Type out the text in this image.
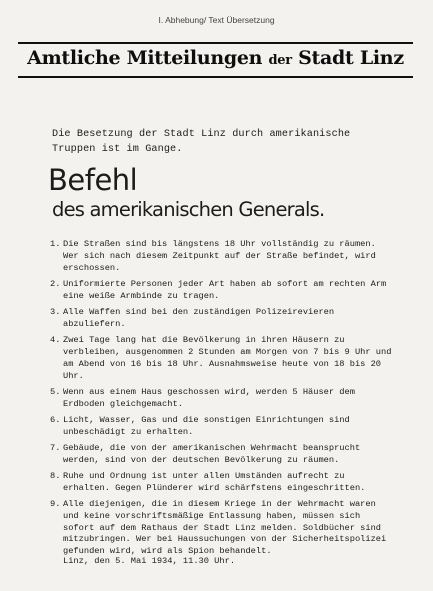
I. Abhebung/ Text Übersetzung
Amtliche Mitteilungen der Stadt Linz
Die Besetzung der Stadt Linz durch amerikanische Truppen ist im Gange.
Befehl
des amerikanischen Generals.
1. Die Straßen sind bis längstens 18 Uhr vollständig zu räumen. Wer sich nach diesem Zeitpunkt auf der Straße befindet, wird erschossen.
2. Uniformierte Personen jeder Art haben ab sofort am rechten Arm eine weiße Armbinde zu tragen.
3. Alle Waffen sind bei den zuständigen Polizeirevieren abzuliefern.
4. Zwei Tage lang hat die Bevölkerung in ihren Häusern zu verbleiben, ausgenommen 2 Stunden am Morgen von 7 bis 9 Uhr und am Abend von 16 bis 18 Uhr. Ausnahmsweise heute von 18 bis 20 Uhr.
5. Wenn aus einem Haus geschossen wird, werden 5 Häuser dem Erdboden gleichgemacht.
6. Licht, Wasser, Gas und die sonstigen Einrichtungen sind unbeschädigt zu erhalten.
7. Gebäude, die von der amerikanischen Wehrmacht beansprucht werden, sind von der deutschen Bevölkerung zu räumen.
8. Ruhe und Ordnung ist unter allen Umständen aufrecht zu erhalten. Gegen Plünderer wird schärfstens eingeschritten.
9. Alle diejenigen, die in diesem Kriege in der Wehrmacht waren und keine vorschriftsmäßige Entlassung haben, müssen sich sofort auf dem Rathaus der Stadt Linz melden. Soldbücher sind mitzubringen. Wer bei Haussuchungen von der Sicherheitspolizei gefunden wird, wird als Spion behandelt.
Linz, den 5. Mai 1934, 11.30 Uhr.
